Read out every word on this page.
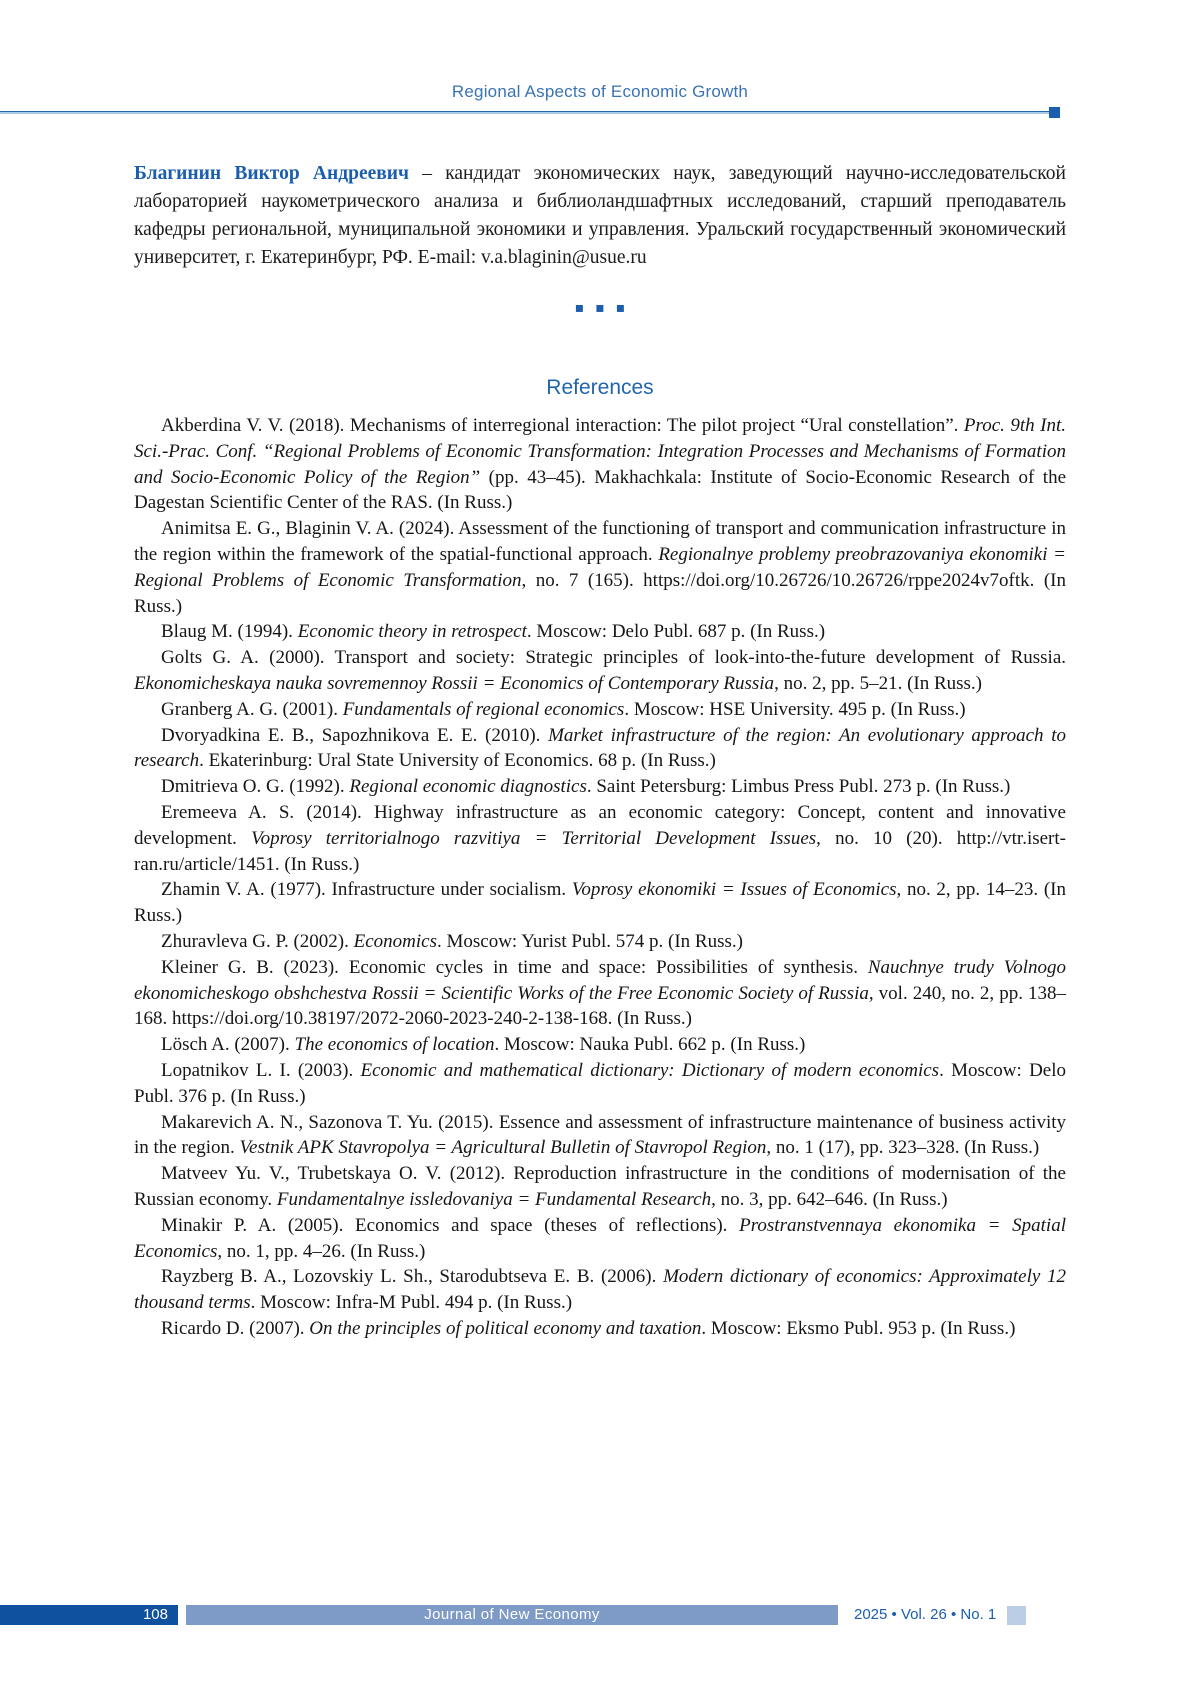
Regional Aspects of Economic Growth

Благинин Виктор Андреевич – кандидат экономических наук, заведующий научно-исследовательской лабораторией наукометрического анализа и библиоландшафтных исследований, старший преподаватель кафедры региональной, муниципальной экономики и управления. Уральский государственный экономический университет, г. Екатеринбург, РФ. E-mail: v.a.blaginin@usue.ru

▪▪▪
References

Akberdina V. V. (2018). Mechanisms of interregional interaction: The pilot project “Ural constellation”. Proc. 9th Int. Sci.-Prac. Conf. “Regional Problems of Economic Transformation: Integration Processes and Mechanisms of Formation and Socio-Economic Policy of the Region” (pp. 43–45). Makhachkala: Institute of Socio-Economic Research of the Dagestan Scientific Center of the RAS. (In Russ.)

Animitsa E. G., Blaginin V. A. (2024). Assessment of the functioning of transport and communication infrastructure in the region within the framework of the spatial-functional approach. Regionalnye problemy preobrazovaniya ekonomiki = Regional Problems of Economic Transformation, no. 7 (165). https://doi.org/10.26726/10.26726/rppe2024v7oftk. (In Russ.)

Blaug M. (1994). Economic theory in retrospect. Moscow: Delo Publ. 687 p. (In Russ.)

Golts G. A. (2000). Transport and society: Strategic principles of look-into-the-future development of Russia. Ekonomicheskaya nauka sovremennoy Rossii = Economics of Contemporary Russia, no. 2, pp. 5–21. (In Russ.)

Granberg A. G. (2001). Fundamentals of regional economics. Moscow: HSE University. 495 p. (In Russ.)

Dvoryadkina E. B., Sapozhnikova E. E. (2010). Market infrastructure of the region: An evolutionary approach to research. Ekaterinburg: Ural State University of Economics. 68 p. (In Russ.)

Dmitrieva O. G. (1992). Regional economic diagnostics. Saint Petersburg: Limbus Press Publ. 273 p. (In Russ.)

Eremeeva A. S. (2014). Highway infrastructure as an economic category: Concept, content and innovative development. Voprosy territorialnogo razvitiya = Territorial Development Issues, no. 10 (20). http://vtr.isert-ran.ru/article/1451. (In Russ.)

Zhamin V. A. (1977). Infrastructure under socialism. Voprosy ekonomiki = Issues of Economics, no. 2, pp. 14–23. (In Russ.)

Zhuravleva G. P. (2002). Economics. Moscow: Yurist Publ. 574 p. (In Russ.)

Kleiner G. B. (2023). Economic cycles in time and space: Possibilities of synthesis. Nauchnye trudy Volnogo ekonomicheskogo obshchestva Rossii = Scientific Works of the Free Economic Society of Russia, vol. 240, no. 2, pp. 138–168. https://doi.org/10.38197/2072-2060-2023-240-2-138-168. (In Russ.)

Lösch A. (2007). The economics of location. Moscow: Nauka Publ. 662 p. (In Russ.)

Lopatnikov L. I. (2003). Economic and mathematical dictionary: Dictionary of modern economics. Moscow: Delo Publ. 376 p. (In Russ.)

Makarevich A. N., Sazonova T. Yu. (2015). Essence and assessment of infrastructure maintenance of business activity in the region. Vestnik APK Stavropolya = Agricultural Bulletin of Stavropol Region, no. 1 (17), pp. 323–328. (In Russ.)

Matveev Yu. V., Trubetskaya O. V. (2012). Reproduction infrastructure in the conditions of modernisation of the Russian economy. Fundamentalnye issledovaniya = Fundamental Research, no. 3, pp. 642–646. (In Russ.)

Minakir P. A. (2005). Economics and space (theses of reflections). Prostranstvennaya ekonomika = Spatial Economics, no. 1, pp. 4–26. (In Russ.)

Rayzberg B. A., Lozovskiy L. Sh., Starodubtseva E. B. (2006). Modern dictionary of economics: Approximately 12 thousand terms. Moscow: Infra-M Publ. 494 p. (In Russ.)

Ricardo D. (2007). On the principles of political economy and taxation. Moscow: Eksmo Publ. 953 p. (In Russ.)

108	Journal of New Economy	2025 • Vol. 26 • No. 1
